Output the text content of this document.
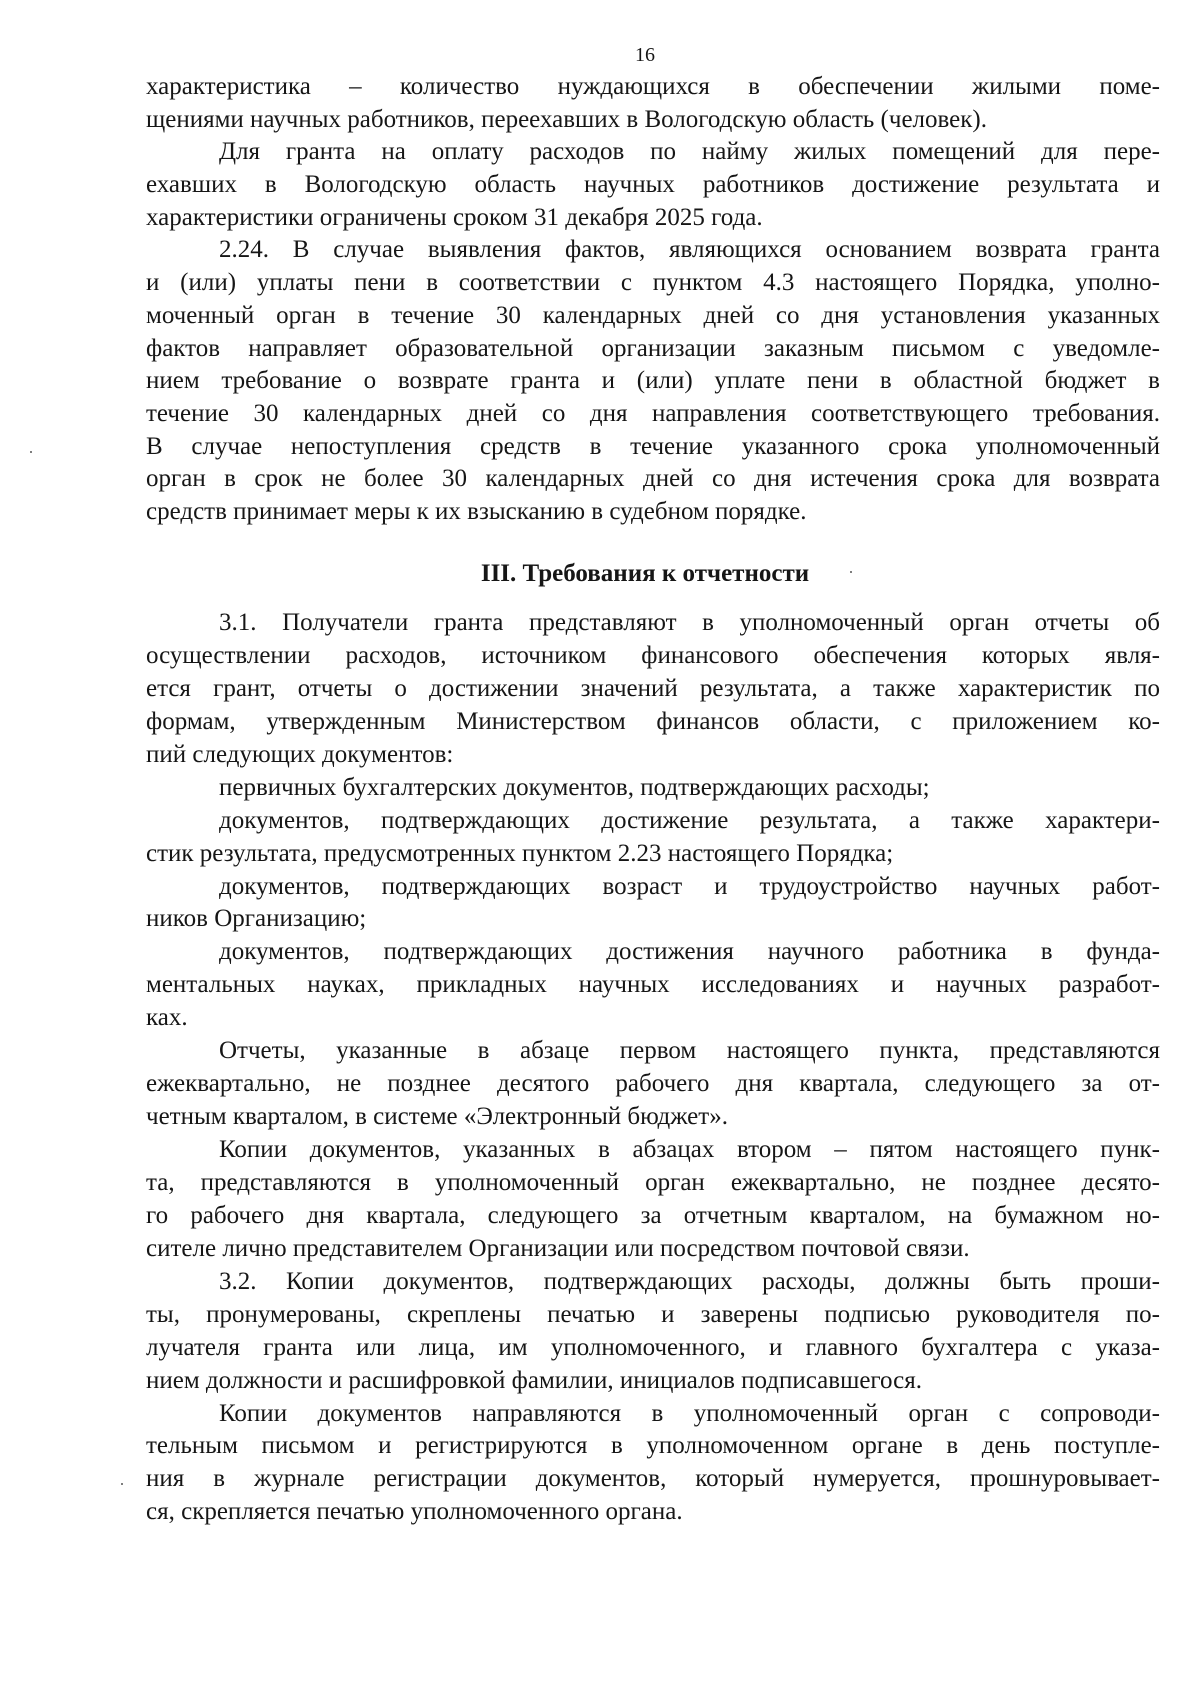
16
характеристика – количество нуждающихся в обеспечении жилыми поме-
щениями научных работников, переехавших в Вологодскую область (человек).
Для гранта на оплату расходов по найму жилых помещений для пере-
ехавших в Вологодскую область научных работников достижение результата и
характеристики ограничены сроком 31 декабря 2025 года.
2.24. В случае выявления фактов, являющихся основанием возврата гранта
и (или) уплаты пени в соответствии с пунктом 4.3 настоящего Порядка, уполно-
моченный орган в течение 30 календарных дней со дня установления указанных
фактов направляет образовательной организации заказным письмом с уведомле-
нием требование о возврате гранта и (или) уплате пени в областной бюджет в
течение 30 календарных дней со дня направления соответствующего требования.
В случае непоступления средств в течение указанного срока уполномоченный
орган в срок не более 30 календарных дней со дня истечения срока для возврата
средств принимает меры к их взысканию в судебном порядке.
III. Требования к отчетности
3.1. Получатели гранта представляют в уполномоченный орган отчеты об
осуществлении расходов, источником финансового обеспечения которых явля-
ется грант, отчеты о достижении значений результата, а также характеристик по
формам, утвержденным Министерством финансов области, с приложением ко-
пий следующих документов:
первичных бухгалтерских документов, подтверждающих расходы;
документов, подтверждающих достижение результата, а также характери-
стик результата, предусмотренных пунктом 2.23 настоящего Порядка;
документов, подтверждающих возраст и трудоустройство научных работ-
ников Организацию;
документов, подтверждающих достижения научного работника в фунда-
ментальных науках, прикладных научных исследованиях и научных разработ-
ках.
Отчеты, указанные в абзаце первом настоящего пункта, представляются
ежеквартально, не позднее десятого рабочего дня квартала, следующего за от-
четным кварталом, в системе «Электронный бюджет».
Копии документов, указанных в абзацах втором – пятом настоящего пунк-
та, представляются в уполномоченный орган ежеквартально, не позднее десято-
го рабочего дня квартала, следующего за отчетным кварталом, на бумажном но-
сителе лично представителем Организации или посредством почтовой связи.
3.2. Копии документов, подтверждающих расходы, должны быть проши-
ты, пронумерованы, скреплены печатью и заверены подписью руководителя по-
лучателя гранта или лица, им уполномоченного, и главного бухгалтера с указа-
нием должности и расшифровкой фамилии, инициалов подписавшегося.
Копии документов направляются в уполномоченный орган с сопроводи-
тельным письмом и регистрируются в уполномоченном органе в день поступле-
ния в журнале регистрации документов, который нумеруется, прошнуровывает-
ся, скрепляется печатью уполномоченного органа.
